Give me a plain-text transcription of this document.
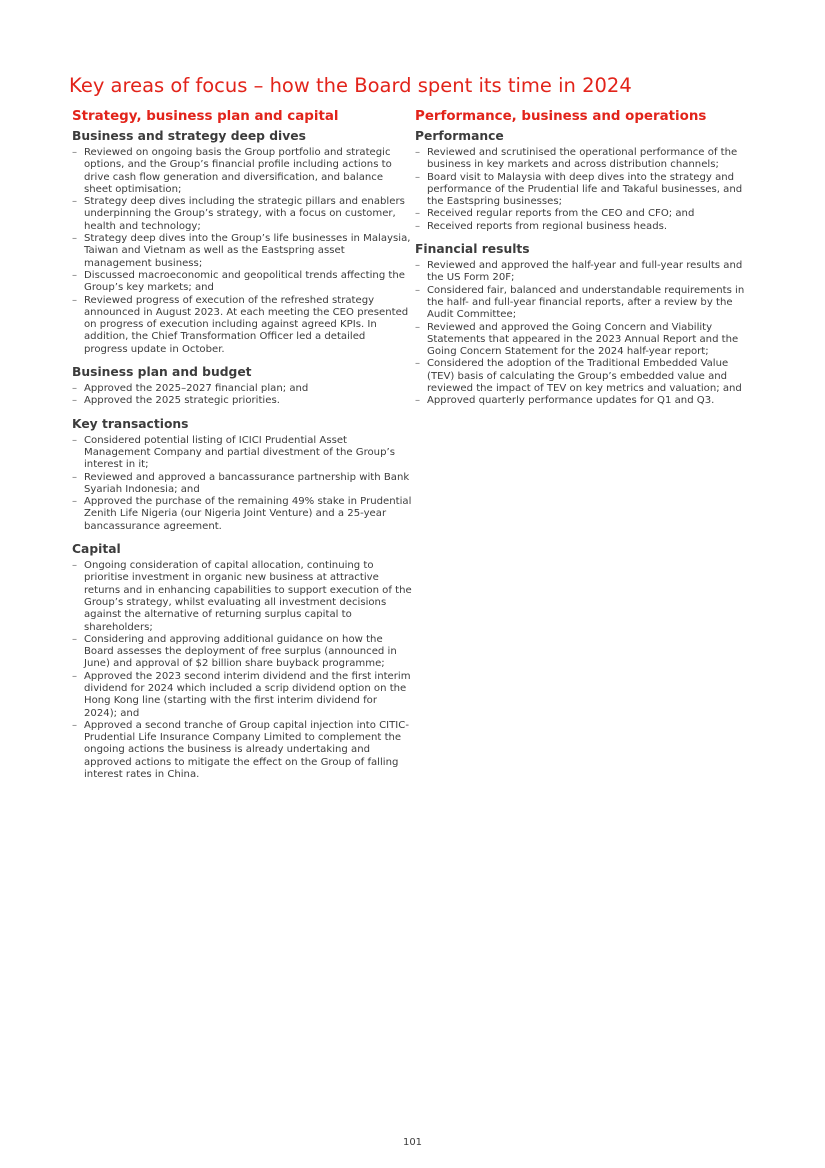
Key areas of focus – how the Board spent its time in 2024
Strategy, business plan and capital
Business and strategy deep dives
– Reviewed on ongoing basis the Group portfolio and strategic options, and the Group’s financial profile including actions to drive cash flow generation and diversification, and balance sheet optimisation;
– Strategy deep dives including the strategic pillars and enablers underpinning the Group’s strategy, with a focus on customer, health and technology;
– Strategy deep dives into the Group’s life businesses in Malaysia, Taiwan and Vietnam as well as the Eastspring asset management business;
– Discussed macroeconomic and geopolitical trends affecting the Group’s key markets; and
– Reviewed progress of execution of the refreshed strategy announced in August 2023. At each meeting the CEO presented on progress of execution including against agreed KPIs. In addition, the Chief Transformation Officer led a detailed progress update in October.
Business plan and budget
– Approved the 2025–2027 financial plan; and
– Approved the 2025 strategic priorities.
Key transactions
– Considered potential listing of ICICI Prudential Asset Management Company and partial divestment of the Group’s interest in it;
– Reviewed and approved a bancassurance partnership with Bank Syariah Indonesia; and
– Approved the purchase of the remaining 49% stake in Prudential Zenith Life Nigeria (our Nigeria Joint Venture) and a 25-year bancassurance agreement.
Capital
– Ongoing consideration of capital allocation, continuing to prioritise investment in organic new business at attractive returns and in enhancing capabilities to support execution of the Group’s strategy, whilst evaluating all investment decisions against the alternative of returning surplus capital to shareholders;
– Considering and approving additional guidance on how the Board assesses the deployment of free surplus (announced in June) and approval of $2 billion share buyback programme;
– Approved the 2023 second interim dividend and the first interim dividend for 2024 which included a scrip dividend option on the Hong Kong line (starting with the first interim dividend for 2024); and
– Approved a second tranche of Group capital injection into CITIC-Prudential Life Insurance Company Limited to complement the ongoing actions the business is already undertaking and approved actions to mitigate the effect on the Group of falling interest rates in China.
Performance, business and operations
Performance
– Reviewed and scrutinised the operational performance of the business in key markets and across distribution channels;
– Board visit to Malaysia with deep dives into the strategy and performance of the Prudential life and Takaful businesses, and the Eastspring businesses;
– Received regular reports from the CEO and CFO; and
– Received reports from regional business heads.
Financial results
– Reviewed and approved the half-year and full-year results and the US Form 20F;
– Considered fair, balanced and understandable requirements in the half- and full-year financial reports, after a review by the Audit Committee;
– Reviewed and approved the Going Concern and Viability Statements that appeared in the 2023 Annual Report and the Going Concern Statement for the 2024 half-year report;
– Considered the adoption of the Traditional Embedded Value (TEV) basis of calculating the Group’s embedded value and reviewed the impact of TEV on key metrics and valuation; and
– Approved quarterly performance updates for Q1 and Q3.
101
